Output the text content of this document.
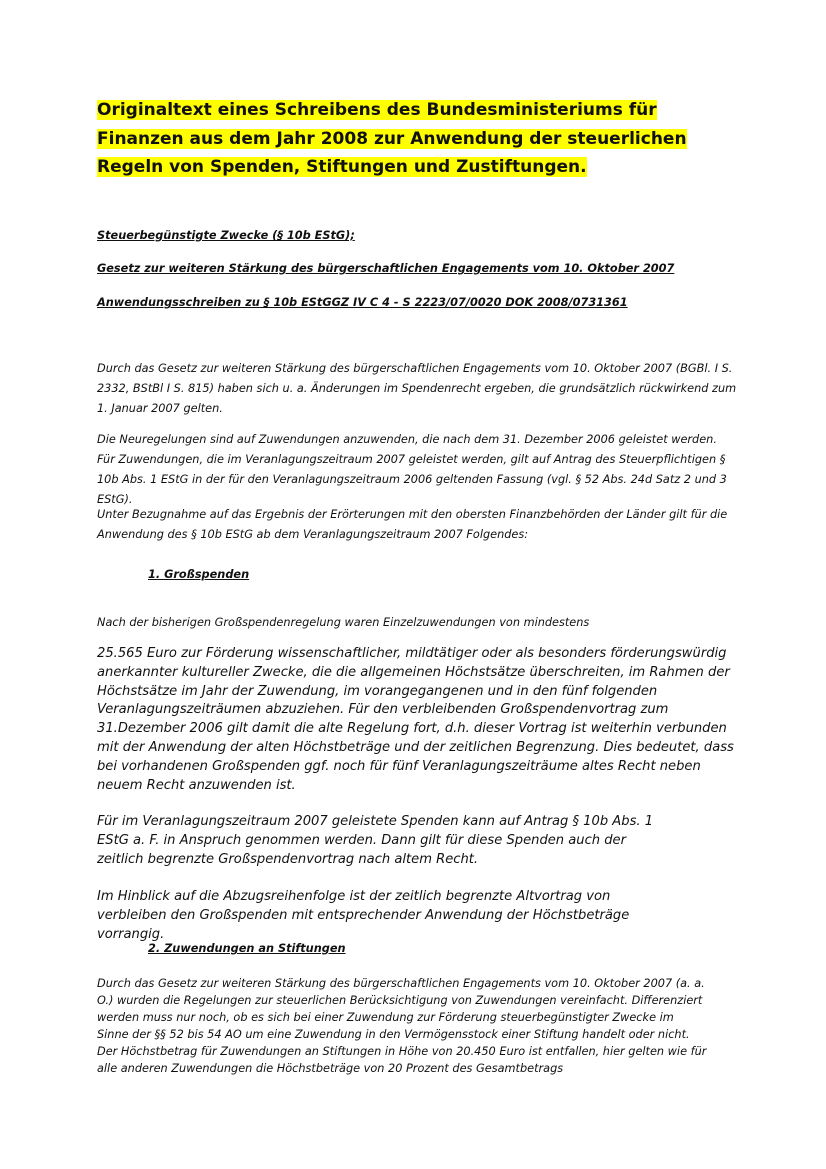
Originaltext eines Schreibens des Bundesministeriums für Finanzen aus dem Jahr 2008 zur Anwendung der steuerlichen Regeln von Spenden, Stiftungen und Zustiftungen.
Steuerbegünstigte Zwecke (§ 10b EStG);
Gesetz zur weiteren Stärkung des bürgerschaftlichen Engagements vom 10. Oktober 2007
Anwendungsschreiben zu § 10b EStGGZ IV C 4 - S 2223/07/0020 DOK 2008/0731361
Durch das Gesetz zur weiteren Stärkung des bürgerschaftlichen Engagements vom 10. Oktober 2007 (BGBl. I S. 2332, BStBl I S. 815) haben sich u. a. Änderungen im Spendenrecht ergeben, die grundsätzlich rückwirkend zum 1. Januar 2007 gelten.
Die Neuregelungen sind auf Zuwendungen anzuwenden, die nach dem 31. Dezember 2006 geleistet werden. Für Zuwendungen, die im Veranlagungszeitraum 2007 geleistet werden, gilt auf Antrag des Steuerpflichtigen § 10b Abs. 1 EStG in der für den Veranlagungszeitraum 2006 geltenden Fassung (vgl. § 52 Abs. 24d Satz 2 und 3 EStG).
Unter Bezugnahme auf das Ergebnis der Erörterungen mit den obersten Finanzbehörden der Länder gilt für die Anwendung des § 10b EStG ab dem Veranlagungszeitraum 2007 Folgendes:
1. Großspenden
Nach der bisherigen Großspendenregelung waren Einzelzuwendungen von mindestens
25.565 Euro zur Förderung wissenschaftlicher, mildtätiger oder als besonders förderungswürdig anerkannter kultureller Zwecke, die die allgemeinen Höchstsätze überschreiten, im Rahmen der Höchstsätze im Jahr der Zuwendung, im vorangegangenen und in den fünf folgenden Veranlagungszeiträumen abzuziehen. Für den verbleibenden Großspendenvortrag zum 31.Dezember 2006 gilt damit die alte Regelung fort, d.h. dieser Vortrag ist weiterhin verbunden mit der Anwendung der alten Höchstbeträge und der zeitlichen Begrenzung. Dies bedeutet, dass bei vorhandenen Großspenden ggf. noch für fünf Veranlagungszeiträume altes Recht neben neuem Recht anzuwenden ist.
Für im Veranlagungszeitraum 2007 geleistete Spenden kann auf Antrag § 10b Abs. 1 EStG a. F. in Anspruch genommen werden. Dann gilt für diese Spenden auch der zeitlich begrenzte Großspendenvortrag nach altem Recht.
Im Hinblick auf die Abzugsreihenfolge ist der zeitlich begrenzte Altvortrag von verbleiben den Großspenden mit entsprechender Anwendung der Höchstbeträge vorrangig.
2. Zuwendungen an Stiftungen
Durch das Gesetz zur weiteren Stärkung des bürgerschaftlichen Engagements vom 10. Oktober 2007 (a. a. O.) wurden die Regelungen zur steuerlichen Berücksichtigung von Zuwendungen vereinfacht. Differenziert werden muss nur noch, ob es sich bei einer Zuwendung zur Förderung steuerbegünstigter Zwecke im Sinne der §§ 52 bis 54 AO um eine Zuwendung in den Vermögensstock einer Stiftung handelt oder nicht. Der Höchstbetrag für Zuwendungen an Stiftungen in Höhe von 20.450 Euro ist entfallen, hier gelten wie für alle anderen Zuwendungen die Höchstbeträge von 20 Prozent des Gesamtbetrags
